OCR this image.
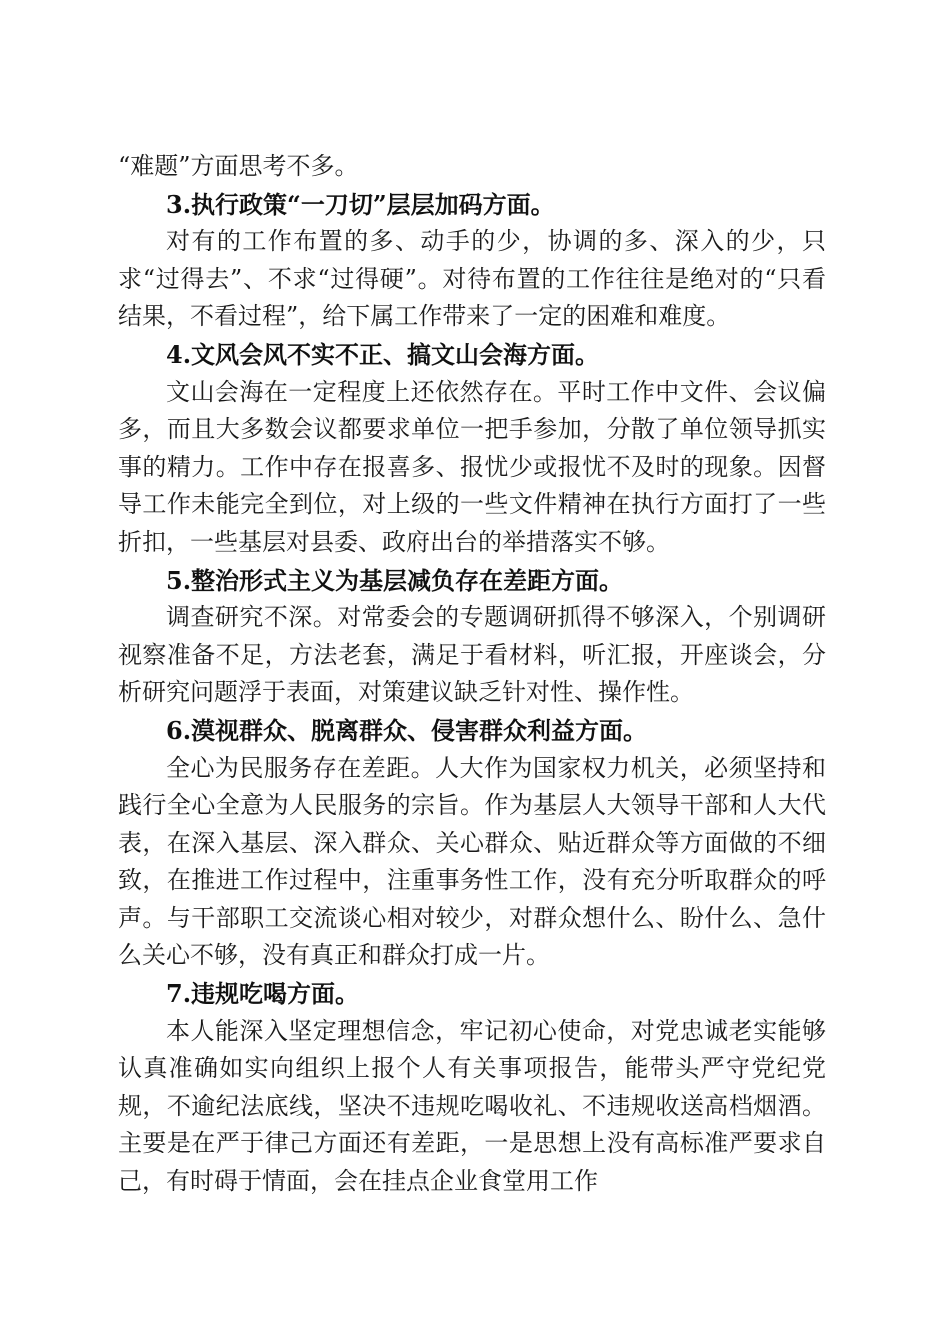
“难题”方面思考不多。

3.执行政策“一刀切”层层加码方面。

对有的工作布置的多、动手的少，协调的多、深入的少，只求“过得去”、不求“过得硬”。对待布置的工作往往是绝对的“只看结果，不看过程”，给下属工作带来了一定的困难和难度。

4.文风会风不实不正、搞文山会海方面。

文山会海在一定程度上还依然存在。平时工作中文件、会议偏多，而且大多数会议都要求单位一把手参加，分散了单位领导抓实事的精力。工作中存在报喜多、报忧少或报忧不及时的现象。因督导工作未能完全到位，对上级的一些文件精神在执行方面打了一些折扣，一些基层对县委、政府出台的举措落实不够。

5.整治形式主义为基层减负存在差距方面。

调查研究不深。对常委会的专题调研抓得不够深入，个别调研视察准备不足，方法老套，满足于看材料，听汇报，开座谈会，分析研究问题浮于表面，对策建议缺乏针对性、操作性。

6.漠视群众、脱离群众、侵害群众利益方面。

全心为民服务存在差距。人大作为国家权力机关，必须坚持和践行全心全意为人民服务的宗旨。作为基层人大领导干部和人大代表，在深入基层、深入群众、关心群众、贴近群众等方面做的不细致，在推进工作过程中，注重事务性工作，没有充分听取群众的呼声。与干部职工交流谈心相对较少，对群众想什么、盼什么、急什么关心不够，没有真正和群众打成一片。

7.违规吃喝方面。

本人能深入坚定理想信念，牢记初心使命，对党忠诚老实能够认真准确如实向组织上报个人有关事项报告，能带头严守党纪党规，不逾纪法底线，坚决不违规吃喝收礼、不违规收送高档烟酒。主要是在严于律己方面还有差距，一是思想上没有高标准严要求自己，有时碍于情面，会在挂点企业食堂用工作
